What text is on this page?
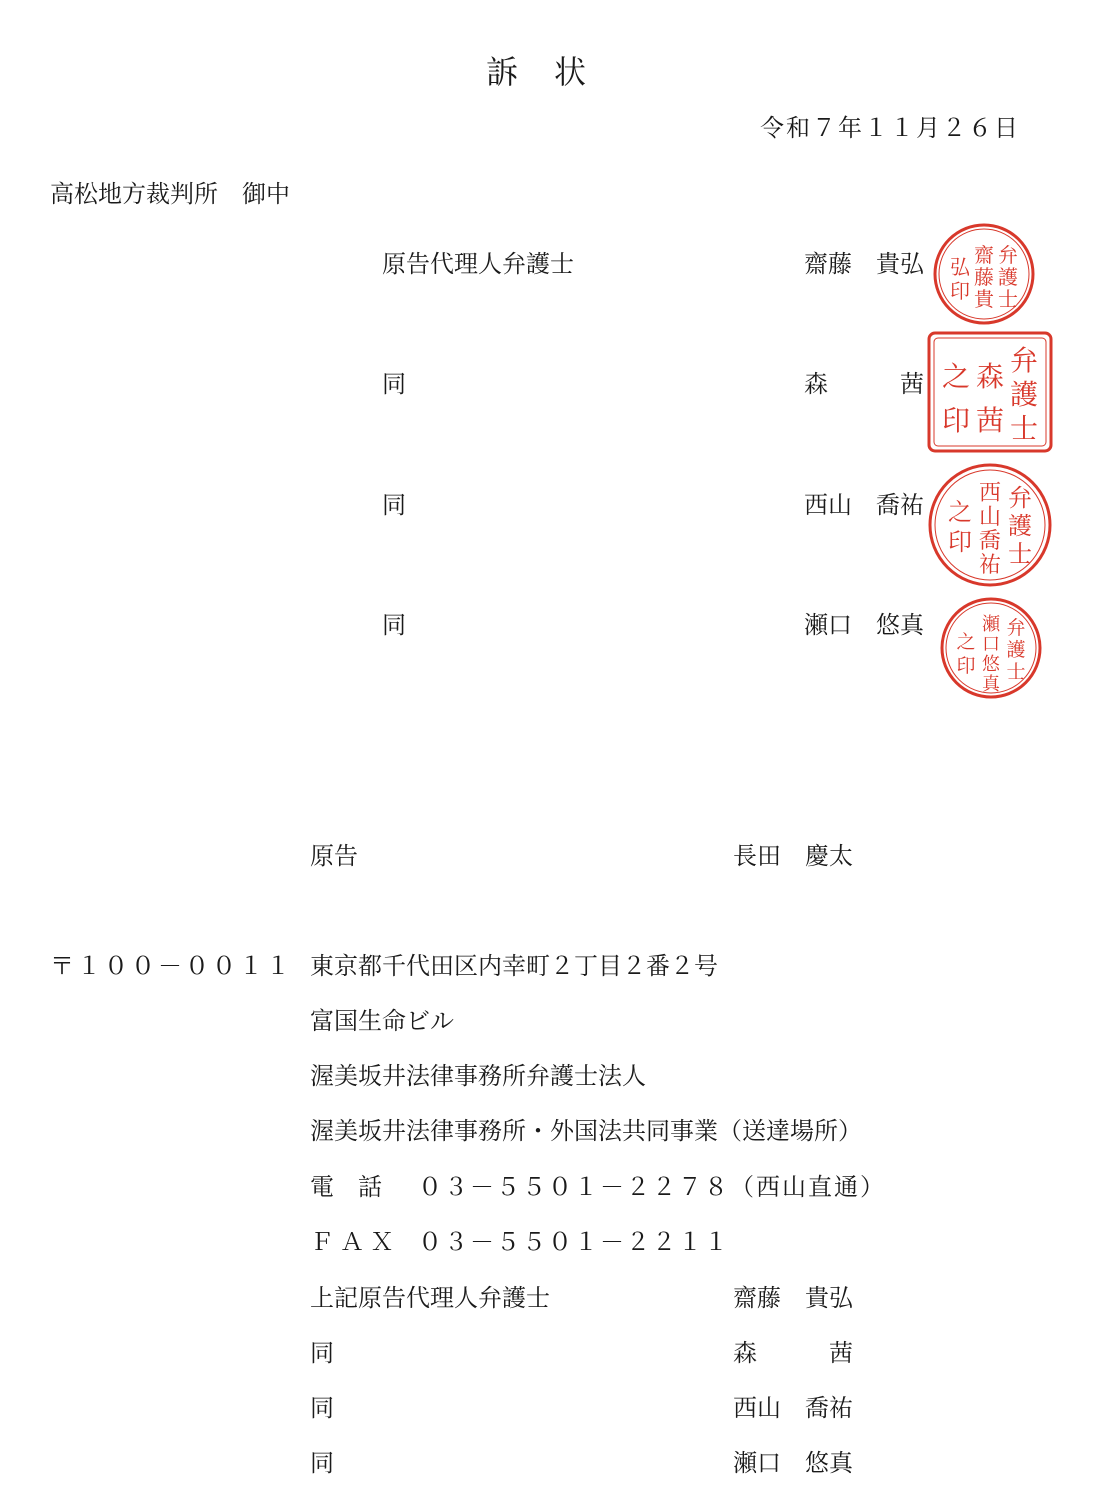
訴 状
令和７年１１月２６日
高松地方裁判所　御中
原告代理人弁護士	齋藤　貴弘
同	森　　　茜
同	西山　喬祐
同	瀬口　悠真
弁
護
士
齋
藤
貴
弘
印
弁
護
士
森
茜
之
印
弁
護
士
西
山
喬
祐
之
印
弁
護
士
瀬
口
悠
真
之
印
原告	長田　慶太
〒１００－００１１ 東京都千代田区内幸町２丁目２番２号
富国生命ビル
渥美坂井法律事務所弁護士法人
渥美坂井法律事務所・外国法共同事業（送達場所）
電　話 ０３－５５０１－２２７８（西山直通）
ＦＡＸ ０３－５５０１－２２１１
上記原告代理人弁護士	齋藤　貴弘
同	森　　　茜
同	西山　喬祐
同	瀬口　悠真
